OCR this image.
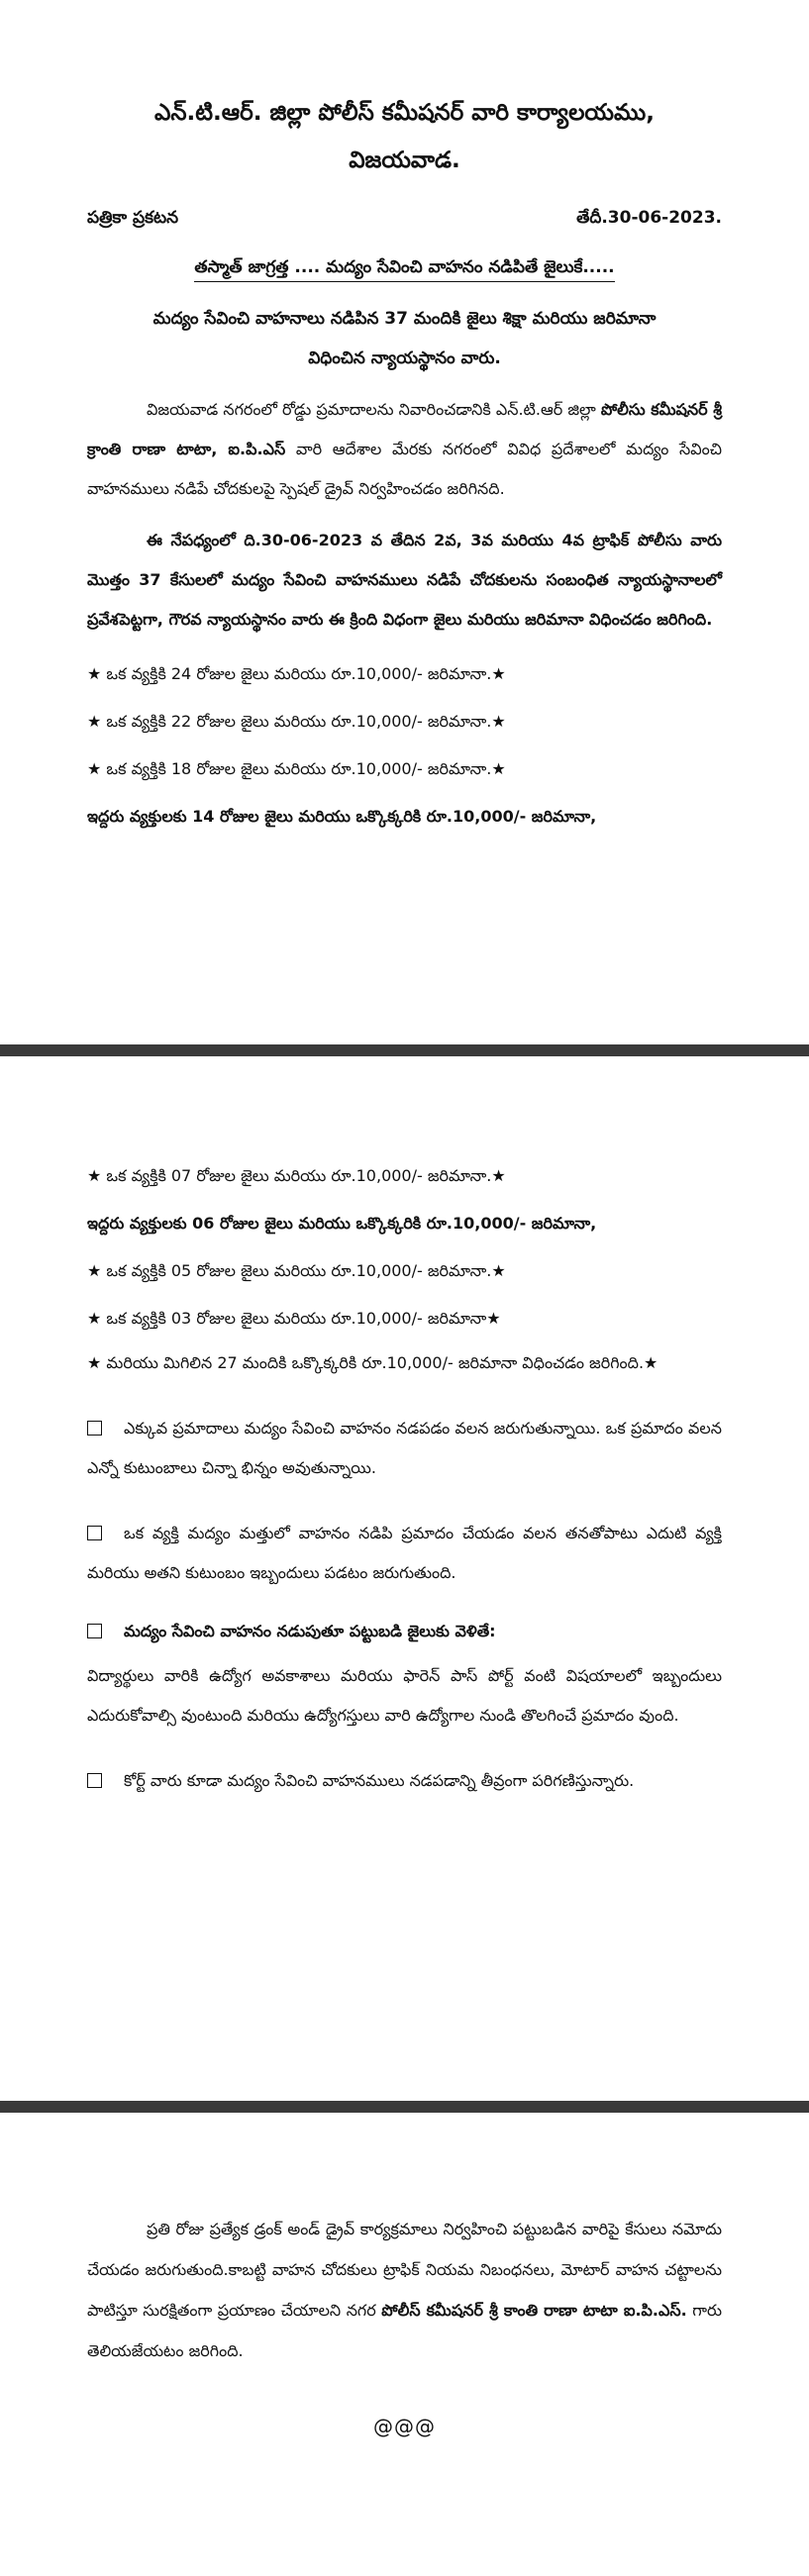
ఎన్.టి.ఆర్. జిల్లా పోలీస్ కమీషనర్ వారి కార్యాలయము,

విజయవాడ.

పత్రికా ప్రకటన	తేదీ.30-06-2023.
తస్మాత్ జాగ్రత్త .... మద్యం సేవించి వాహనం నడిపితే జైలుకే.....
మద్యం సేవించి వాహనాలు నడిపిన 37 మందికి జైలు శిక్షా మరియు జరిమానా
విధించిన న్యాయస్థానం వారు.

విజయవాడ నగరంలో రోడ్డు ప్రమాదాలను నివారించడానికి ఎన్.టి.ఆర్ జిల్లా పోలీసు కమీషనర్ శ్రీ క్రాంతి రాణా టాటా, ఐ.పి.ఎస్ వారి ఆదేశాల మేరకు నగరంలో వివిధ ప్రదేశాలలో మద్యం సేవించి వాహనములు నడిపే చోదకులపై స్పెషల్ డ్రైవ్ నిర్వహించడం జరిగినది.

ఈ నేపధ్యంలో ది.30-06-2023 వ తేదిన 2వ, 3వ మరియు 4వ ట్రాఫిక్ పోలీసు వారు మొత్తం 37 కేసులలో మద్యం సేవించి వాహనములు నడిపే చోదకులను సంబంధిత న్యాయస్థానాలలో ప్రవేశపెట్టగా, గౌరవ న్యాయస్థానం వారు ఈ క్రింది విధంగా జైలు మరియు జరిమానా విధించడం జరిగింది.

★ ఒక వ్యక్తికి 24 రోజుల జైలు మరియు రూ.10,000/- జరిమానా.★

★ ఒక వ్యక్తికి 22 రోజుల జైలు మరియు రూ.10,000/- జరిమానా.★

★ ఒక వ్యక్తికి 18 రోజుల జైలు మరియు రూ.10,000/- జరిమానా.★

ఇద్దరు వ్యక్తులకు 14 రోజుల జైలు మరియు ఒక్కొక్కరికి రూ.10,000/- జరిమానా,

★ ఒక వ్యక్తికి 07 రోజుల జైలు మరియు రూ.10,000/- జరిమానా.★

ఇద్దరు వ్యక్తులకు 06 రోజుల జైలు మరియు ఒక్కొక్కరికి రూ.10,000/- జరిమానా,

★ ఒక వ్యక్తికి 05 రోజుల జైలు మరియు రూ.10,000/- జరిమానా.★

★ ఒక వ్యక్తికి 03 రోజుల జైలు మరియు రూ.10,000/- జరిమానా★

★ మరియు మిగిలిన 27 మందికి ఒక్కొక్కరికి రూ.10,000/- జరిమానా విధించడం జరిగింది.★

ఎక్కువ ప్రమాదాలు మద్యం సేవించి వాహనం నడపడం వలన జరుగుతున్నాయి. ఒక ప్రమాదం వలన ఎన్నో కుటుంబాలు చిన్నా భిన్నం అవుతున్నాయి.

ఒక వ్యక్తి మద్యం మత్తులో వాహనం నడిపి ప్రమాదం చేయడం వలన తనతోపాటు ఎదుటి వ్యక్తి మరియు అతని కుటుంబం ఇబ్బందులు పడటం జరుగుతుంది.

మద్యం సేవించి వాహనం నడుపుతూ పట్టుబడి జైలుకు వెళితే:

విద్యార్థులు వారికి ఉద్యోగ అవకాశాలు మరియు ఫారెన్ పాస్ పోర్ట్ వంటి విషయాలలో ఇబ్బందులు ఎదురుకోవాల్సి వుంటుంది మరియు ఉద్యోగస్తులు వారి ఉద్యోగాల నుండి తొలగించే ప్రమాదం వుంది.

కోర్ట్ వారు కూడా మద్యం సేవించి వాహనములు నడపడాన్ని తీవ్రంగా పరిగణిస్తున్నారు.

ప్రతి రోజు ప్రత్యేక డ్రంక్ అండ్ డ్రైవ్ కార్యక్రమాలు నిర్వహించి పట్టుబడిన వారిపై కేసులు నమోదు చేయడం జరుగుతుంది.కాబట్టి వాహన చోదకులు ట్రాఫిక్ నియమ నిబంధనలు, మోటార్ వాహన చట్టాలను పాటిస్తూ సురక్షితంగా ప్రయాణం చేయాలని నగర పోలీస్ కమీషనర్ శ్రీ కాంతి రాణా టాటా ఐ.పి.ఎస్. గారు తెలియజేయటం జరిగింది.

@@@
